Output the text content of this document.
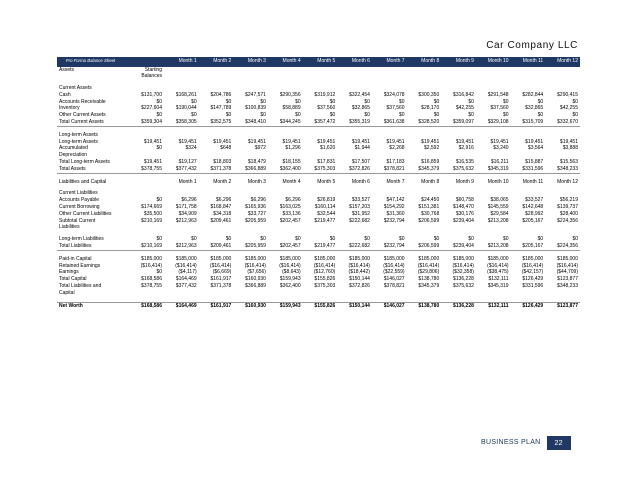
Car Company LLC
Pro Forma Balance Sheet		Month 1	Month 2	Month 3	Month 4	Month 5	Month 6	Month 7	Month 8	Month 9	Month 10	Month 11	Month 12
Assets	Starting												
	Balances												

Current Assets													
Cash	$131,700	$168,261	$204,786	$247,571	$290,356	$319,912	$322,454	$324,078	$300,350	$316,842	$291,548	$282,844	$290,415
Accounts Receivable	$0	$0	$0	$0	$0	$0	$0	$0	$0	$0	$0	$0	$0
Inventory	$227,604	$190,044	$147,789	$100,839	$58,889	$37,560	$32,865	$37,560	$28,170	$42,255	$37,560	$32,865	$42,255
Other Current Assets	$0	$0	$0	$0	$0	$0	$0	$0	$0	$0	$0	$0	$0
Total Current Assets	$359,304	$358,305	$352,575	$348,410	$344,245	$357,472	$355,319	$361,638	$328,520	$359,097	$329,108	$315,709	$332,670

Long-term Assets													
Long-term Assets	$19,451	$19,451	$19,451	$19,451	$19,451	$19,451	$19,451	$19,451	$19,451	$19,451	$19,451	$19,451	$19,451
Accumulated	$0	$324	$648	$972	$1,296	$1,620	$1,944	$2,268	$2,592	$2,916	$3,240	$3,564	$3,888
Depreciation													
Total Long-term Assets	$19,451	$19,127	$18,803	$18,479	$18,155	$17,831	$17,507	$17,183	$16,859	$16,535	$16,211	$15,887	$15,563
Total Assets	$378,755	$377,432	$371,378	$366,889	$362,400	$375,303	$372,826	$378,821	$345,379	$375,632	$345,319	$331,596	$348,233

Liabilities and Capital		Month 1	Month 2	Month 3	Month 4	Month 5	Month 6	Month 7	Month 8	Month 9	Month 10	Month 11	Month 12

Current Liabilities													
Accounts Payable	$0	$6,296	$6,296	$6,296	$6,296	$26,819	$33,527	$47,142	$24,450	$60,758	$38,065	$33,527	$56,219
Current Borrowing	$174,669	$171,758	$168,847	$165,936	$163,025	$160,114	$157,203	$154,292	$151,381	$148,470	$145,559	$142,648	$139,737
Other Current Liabilities	$35,500	$34,909	$34,318	$33,727	$33,136	$32,544	$31,952	$31,360	$30,768	$30,176	$29,584	$28,992	$28,400
Subtotal Current	$210,169	$212,963	$209,461	$205,959	$202,457	$219,477	$222,682	$232,794	$206,599	$239,404	$213,208	$205,167	$224,356
Liabilities													

Long-term Liabilities	$0	$0	$0	$0	$0	$0	$0	$0	$0	$0	$0	$0	$0
Total Liabilities	$210,169	$212,963	$209,461	$205,959	$202,457	$219,477	$222,682	$232,794	$206,599	$239,404	$213,208	$205,167	$224,356

Paid-in Capital	$185,000	$185,000	$185,000	$185,000	$185,000	$185,000	$185,000	$185,000	$185,000	$185,000	$185,000	$185,000	$185,000
Retained Earnings	($16,414)	($16,414)	($16,414)	($16,414)	($16,414)	($16,414)	($16,414)	($16,414)	($16,414)	($16,414)	($16,414)	($16,414)	($16,414)
Earnings	$0	($4,117)	($6,669)	($7,656)	($8,643)	($12,760)	($18,442)	($22,559)	($29,806)	($32,358)	($38,475)	($42,157)	($44,709)
Total Capital	$168,586	$164,469	$161,917	$160,930	$159,943	$155,826	$150,144	$146,027	$138,780	$136,228	$132,111	$126,429	$123,877
Total Liabilities and	$378,755	$377,432	$371,378	$366,889	$362,400	$375,303	$372,826	$378,821	$345,379	$375,632	$345,319	$331,596	$348,233
Capital													

Net Worth	$168,586	$164,469	$161,917	$160,930	$159,943	$155,826	$150,144	$146,027	$138,780	$136,228	$132,111	$126,429	$123,877
BUSINESS PLAN	22
